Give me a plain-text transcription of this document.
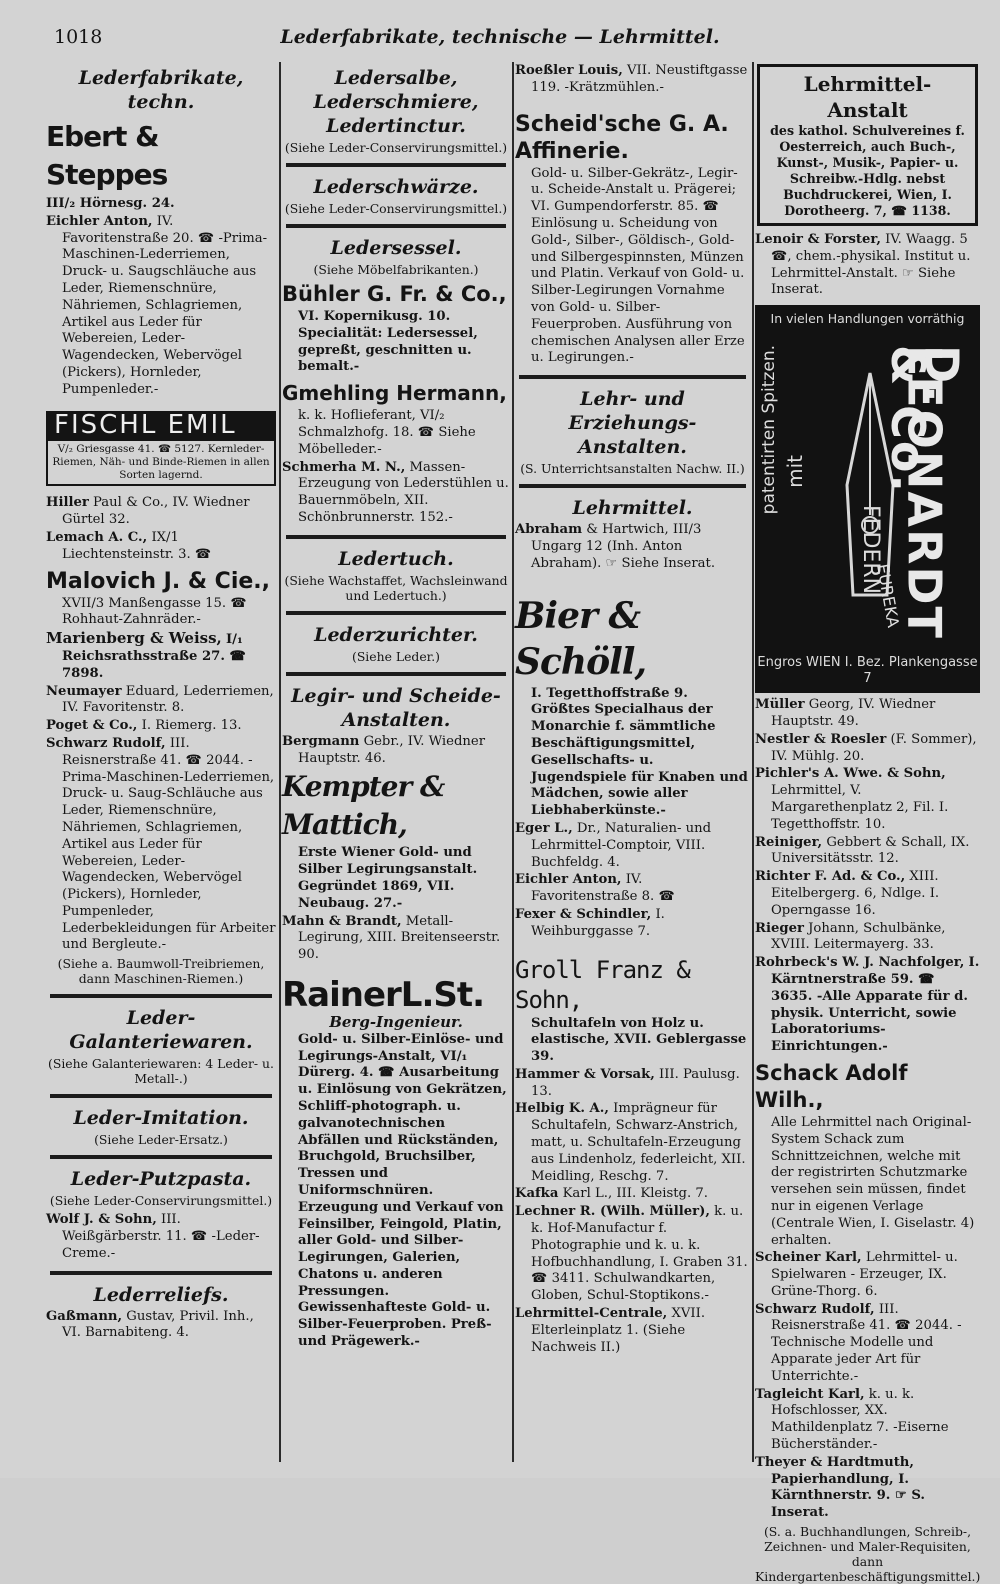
1018	Lederfabrikate, technische — Lehrmittel.
Lederfabrikate, techn.
Ebert & Steppes
III/₂ Hörnesg. 24.
Eichler Anton, IV. Favoritenstraße 20. ☎ -Prima-Maschinen-Lederriemen, Druck- u. Saugschläuche aus Leder, Riemenschnüre, Nähriemen, Schlagriemen, Artikel aus Leder für Webereien, Leder-Wagendecken, Webervögel (Pickers), Hornleder, Pumpenleder.-
FISCHL EMIL
V/₂ Griesgasse 41. ☎ 5127. Kernleder-Riemen, Näh- und Binde-Riemen in allen Sorten lagernd.
Hiller Paul & Co., IV. Wiedner Gürtel 32.
Lemach A. C., IX/1 Liechtensteinstr. 3. ☎
Malovich J. & Cie.,
XVII/3 Manßengasse 15. ☎ Rohhaut-Zahnräder.-
Marienberg & Weiss, I/₁ Reichsrathsstraße 27. ☎ 7898.
Neumayer Eduard, Lederriemen, IV. Favoritenstr. 8.
Poget & Co., I. Riemerg. 13.
Schwarz Rudolf, III. Reisnerstraße 41. ☎ 2044. -Prima-Maschinen-Lederriemen, Druck- u. Saug-Schläuche aus Leder, Riemenschnüre, Nähriemen, Schlagriemen, Artikel aus Leder für Webereien, Leder-Wagendecken, Webervögel (Pickers), Hornleder, Pumpenleder, Lederbekleidungen für Arbeiter und Bergleute.-
(Siehe a. Baumwoll-Treibriemen, dann Maschinen-Riemen.)
Leder-Galanteriewaren.
(Siehe Galanteriewaren: 4 Leder- u. Metall-.)
Leder-Imitation.
(Siehe Leder-Ersatz.)
Leder-Putzpasta.
(Siehe Leder-Conservirungsmittel.)
Wolf J. & Sohn, III. Weißgärberstr. 11. ☎ -Leder-Creme.-
Lederreliefs.
Gaßmann, Gustav, Privil. Inh., VI. Barnabiteng. 4.
Ledersalbe, Lederschmiere, Ledertinctur.
(Siehe Leder-Conservirungsmittel.)
Lederschwärze.
(Siehe Leder-Conservirungsmittel.)
Ledersessel.
(Siehe Möbelfabrikanten.)
Bühler G. Fr. & Co.,
VI. Kopernikusg. 10. Specialität: Ledersessel, gepreßt, geschnitten u. bemalt.-
Gmehling Hermann,
k. k. Hoflieferant, VI/₂ Schmalzhofg. 18. ☎ Siehe Möbelleder.-
Schmerha M. N., Massen-Erzeugung von Lederstühlen u. Bauernmöbeln, XII. Schönbrunnerstr. 152.-
Ledertuch.
(Siehe Wachstaffet, Wachsleinwand und Ledertuch.)
Lederzurichter.
(Siehe Leder.)
Legir- und Scheide-Anstalten.
Bergmann Gebr., IV. Wiedner Hauptstr. 46.
Kempter & Mattich,
Erste Wiener Gold- und Silber Legirungsanstalt. Gegründet 1869, VII. Neubaug. 27.-
Mahn & Brandt, Metall-Legirung, XIII. Breitenseerstr. 90.
RainerL.St.
Berg-Ingenieur.
Gold- u. Silber-Einlöse- und Legirungs-Anstalt, VI/₁ Dürerg. 4. ☎ Ausarbeitung u. Einlösung von Gekrätzen, Schliff-photograph. u. galvanotechnischen Abfällen und Rückständen, Bruchgold, Bruchsilber, Tressen und Uniformschnüren. Erzeugung und Verkauf von Feinsilber, Feingold, Platin, aller Gold- und Silber-Legirungen, Galerien, Chatons u. anderen Pressungen. Gewissenhafteste Gold- u. Silber-Feuerproben. Preß- und Prägewerk.-
Roeßler Louis, VII. Neustiftgasse 119. -Krätzmühlen.-
Scheid'sche G. A. Affinerie.
Gold- u. Silber-Gekrätz-, Legir- u. Scheide-Anstalt u. Prägerei; VI. Gumpendorferstr. 85. ☎ Einlösung u. Scheidung von Gold-, Silber-, Göldisch-, Gold- und Silbergespinnsten, Münzen und Platin. Verkauf von Gold- u. Silber-Legirungen Vornahme von Gold- u. Silber-Feuerproben. Ausführung von chemischen Analysen aller Erze u. Legirungen.-
Lehr- und Erziehungs-Anstalten.
(S. Unterrichtsanstalten Nachw. II.)
Lehrmittel.
Abraham & Hartwich, III/3 Ungarg 12 (Inh. Anton Abraham). ☞ Siehe Inserat.
Bier & Schöll,
I. Tegetthoffstraße 9. Größtes Specialhaus der Monarchie f. sämmtliche Beschäftigungsmittel, Gesellschafts- u. Jugendspiele für Knaben und Mädchen, sowie aller Liebhaberkünste.-
Eger L., Dr., Naturalien- und Lehrmittel-Comptoir, VIII. Buchfeldg. 4.
Eichler Anton, IV. Favoritenstraße 8. ☎
Fexer & Schindler, I. Weihburggasse 7.
Groll Franz & Sohn,
Schultafeln von Holz u. elastische, XVII. Geblergasse 39.
Hammer & Vorsak, III. Paulusg. 13.
Helbig K. A., Imprägneur für Schultafeln, Schwarz-Anstrich, matt, u. Schultafeln-Erzeugung aus Lindenholz, federleicht, XII. Meidling, Reschg. 7.
Kafka Karl L., III. Kleistg. 7.
Lechner R. (Wilh. Müller), k. u. k. Hof-Manufactur f. Photographie und k. u. k. Hofbuchhandlung, I. Graben 31. ☎ 3411. Schulwandkarten, Globen, Schul-Stoptikons.-
Lehrmittel-Centrale, XVII. Elterleinplatz 1. (Siehe Nachweis II.)
Lehrmittel-Anstalt
des kathol. Schulvereines f. Oesterreich, auch Buch-, Kunst-, Musik-, Papier- u. Schreibw.-Hdlg. nebst Buchdruckerei, Wien, I. Dorotheerg. 7, ☎ 1138.
Lenoir & Forster, IV. Waagg. 5 ☎, chem.-physikal. Institut u. Lehrmittel-Anstalt. ☞ Siehe Inserat.
In vielen Handlungen vorräthig
patentirten Spitzen.
FEDERN
EUREKA
D. LEONARDT & Co.
mit
Engros WIEN I. Bez. Plankengasse 7
Müller Georg, IV. Wiedner Hauptstr. 49.
Nestler & Roesler (F. Sommer), IV. Mühlg. 20.
Pichler's A. Wwe. & Sohn, Lehrmittel, V. Margarethenplatz 2, Fil. I. Tegetthoffstr. 10.
Reiniger, Gebbert & Schall, IX. Universitätsstr. 12.
Richter F. Ad. & Co., XIII. Eitelbergerg. 6, Ndlge. I. Operngasse 16.
Rieger Johann, Schulbänke, XVIII. Leitermayerg. 33.
Rohrbeck's W. J. Nachfolger, I. Kärntnerstraße 59. ☎ 3635. -Alle Apparate für d. physik. Unterricht, sowie Laboratoriums-Einrichtungen.-
Schack Adolf Wilh.,
Alle Lehrmittel nach Original-System Schack zum Schnittzeichnen, welche mit der registrirten Schutzmarke versehen sein müssen, findet nur in eigenen Verlage (Centrale Wien, I. Giselastr. 4) erhalten.
Scheiner Karl, Lehrmittel- u. Spielwaren - Erzeuger, IX. Grüne-Thorg. 6.
Schwarz Rudolf, III. Reisnerstraße 41. ☎ 2044. -Technische Modelle und Apparate jeder Art für Unterrichte.-
Tagleicht Karl, k. u. k. Hofschlosser, XX. Mathildenplatz 7. -Eiserne Bücherständer.-
Theyer & Hardtmuth, Papierhandlung, I. Kärnthnerstr. 9. ☞ S. Inserat.
(S. a. Buchhandlungen, Schreib-, Zeichnen- und Maler-Requisiten, dann Kindergartenbeschäftigungsmittel.)
